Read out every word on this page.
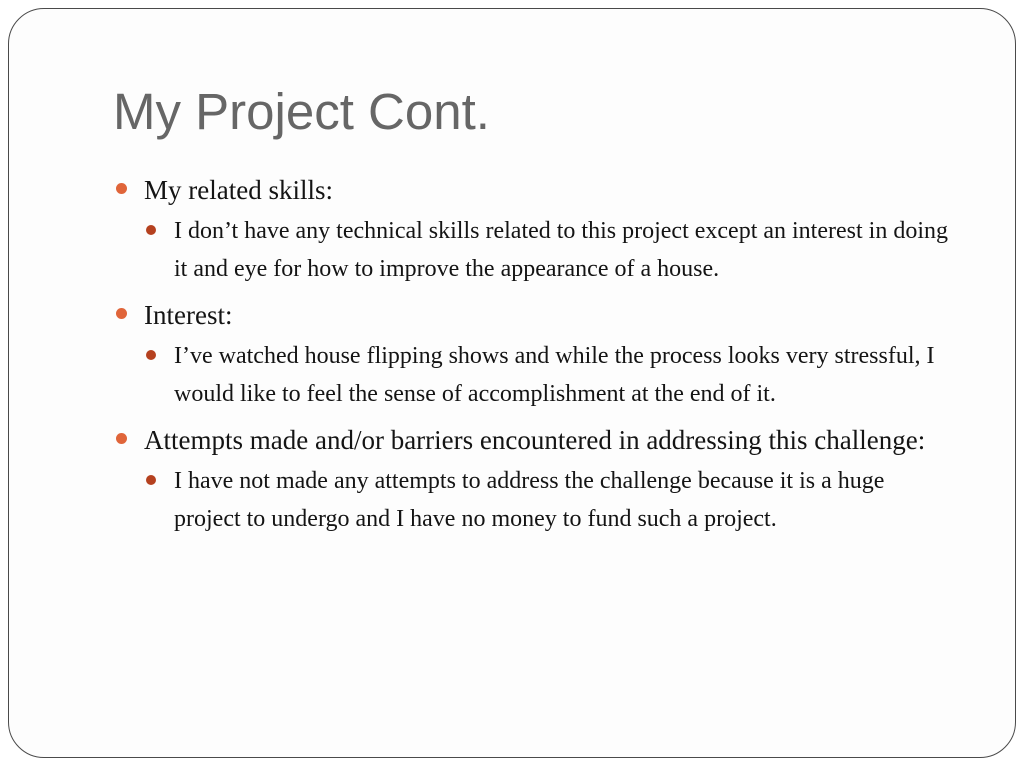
My Project Cont.
My related skills:
I don’t have any technical skills related to this project except an interest in doing it and eye for how to improve the appearance of a house.
Interest:
I’ve watched house flipping shows and while the process looks very stressful, I would like to feel the sense of accomplishment at the end of it.
Attempts made and/or barriers encountered in addressing this challenge:
I have not made any attempts to address the challenge because it is a huge project to undergo and I have no money to fund such a project.
